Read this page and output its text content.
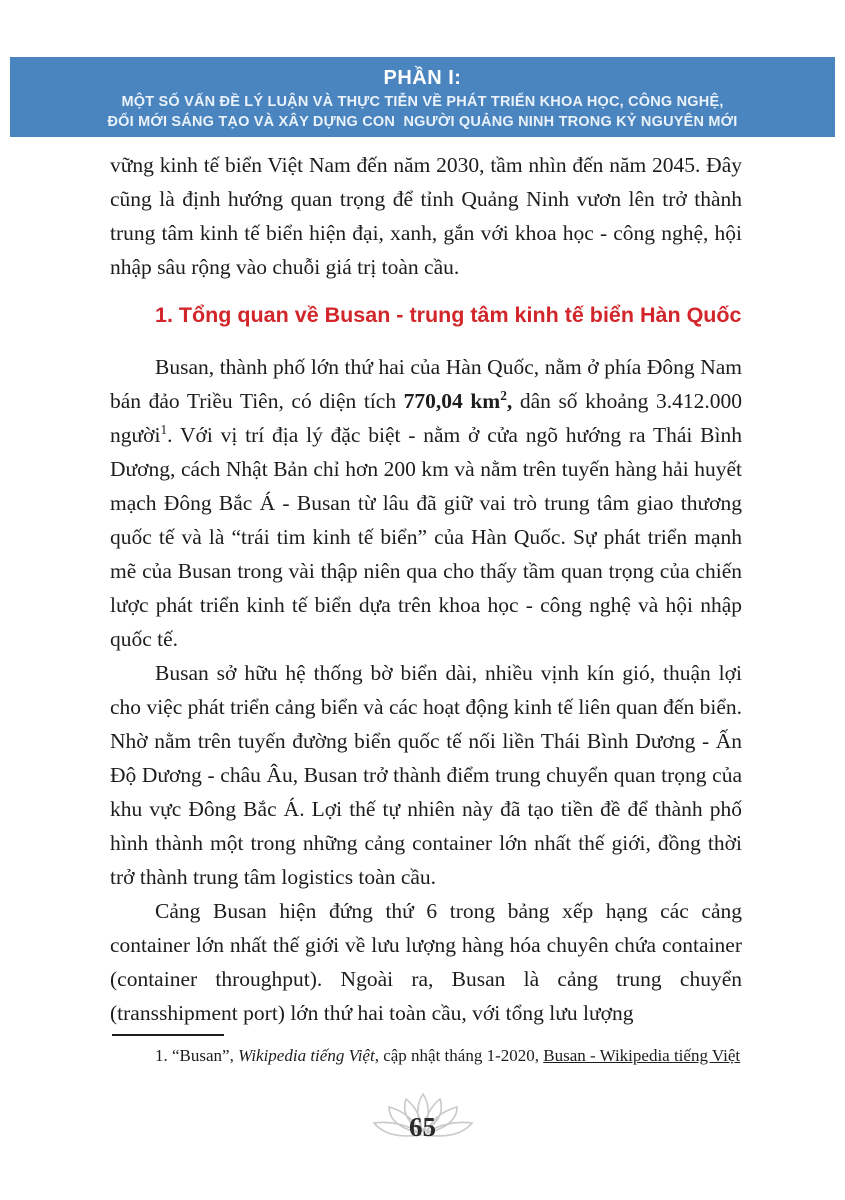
PHẦN I:
MỘT SỐ VẤN ĐỀ LÝ LUẬN VÀ THỰC TIỄN VỀ PHÁT TRIỂN KHOA HỌC, CÔNG NGHỆ,
ĐỔI MỚI SÁNG TẠO VÀ XÂY DỰNG CON  NGƯỜI QUẢNG NINH TRONG KỶ NGUYÊN MỚI

vững kinh tế biển Việt Nam đến năm 2030, tầm nhìn đến năm 2045. Đây cũng là định hướng quan trọng để tỉnh Quảng Ninh vươn lên trở thành trung tâm kinh tế biển hiện đại, xanh, gắn với khoa học - công nghệ, hội nhập sâu rộng vào chuỗi giá trị toàn cầu.

1. Tổng quan về Busan - trung tâm kinh tế biển Hàn Quốc

Busan, thành phố lớn thứ hai của Hàn Quốc, nằm ở phía Đông Nam bán đảo Triều Tiên, có diện tích 770,04 $km^2$, dân số khoảng 3.412.000 người$^1$. Với vị trí địa lý đặc biệt - nằm ở cửa ngõ hướng ra Thái Bình Dương, cách Nhật Bản chỉ hơn 200 km và nằm trên tuyến hàng hải huyết mạch Đông Bắc Á - Busan từ lâu đã giữ vai trò trung tâm giao thương quốc tế và là “trái tim kinh tế biển” của Hàn Quốc. Sự phát triển mạnh mẽ của Busan trong vài thập niên qua cho thấy tầm quan trọng của chiến lược phát triển kinh tế biển dựa trên khoa học - công nghệ và hội nhập quốc tế.

Busan sở hữu hệ thống bờ biển dài, nhiều vịnh kín gió, thuận lợi cho việc phát triển cảng biển và các hoạt động kinh tế liên quan đến biển. Nhờ nằm trên tuyến đường biển quốc tế nối liền Thái Bình Dương - Ấn Độ Dương - châu Âu, Busan trở thành điểm trung chuyển quan trọng của khu vực Đông Bắc Á. Lợi thế tự nhiên này đã tạo tiền đề để thành phố hình thành một trong những cảng container lớn nhất thế giới, đồng thời trở thành trung tâm logistics toàn cầu.

Cảng Busan hiện đứng thứ 6 trong bảng xếp hạng các cảng container lớn nhất thế giới về lưu lượng hàng hóa chuyên chứa container (container throughput). Ngoài ra, Busan là cảng trung chuyển (transshipment port) lớn thứ hai toàn cầu, với tổng lưu lượng

1. “Busan”, Wikipedia tiếng Việt, cập nhật tháng 1-2020, Busan - Wikipedia tiếng Việt

65
